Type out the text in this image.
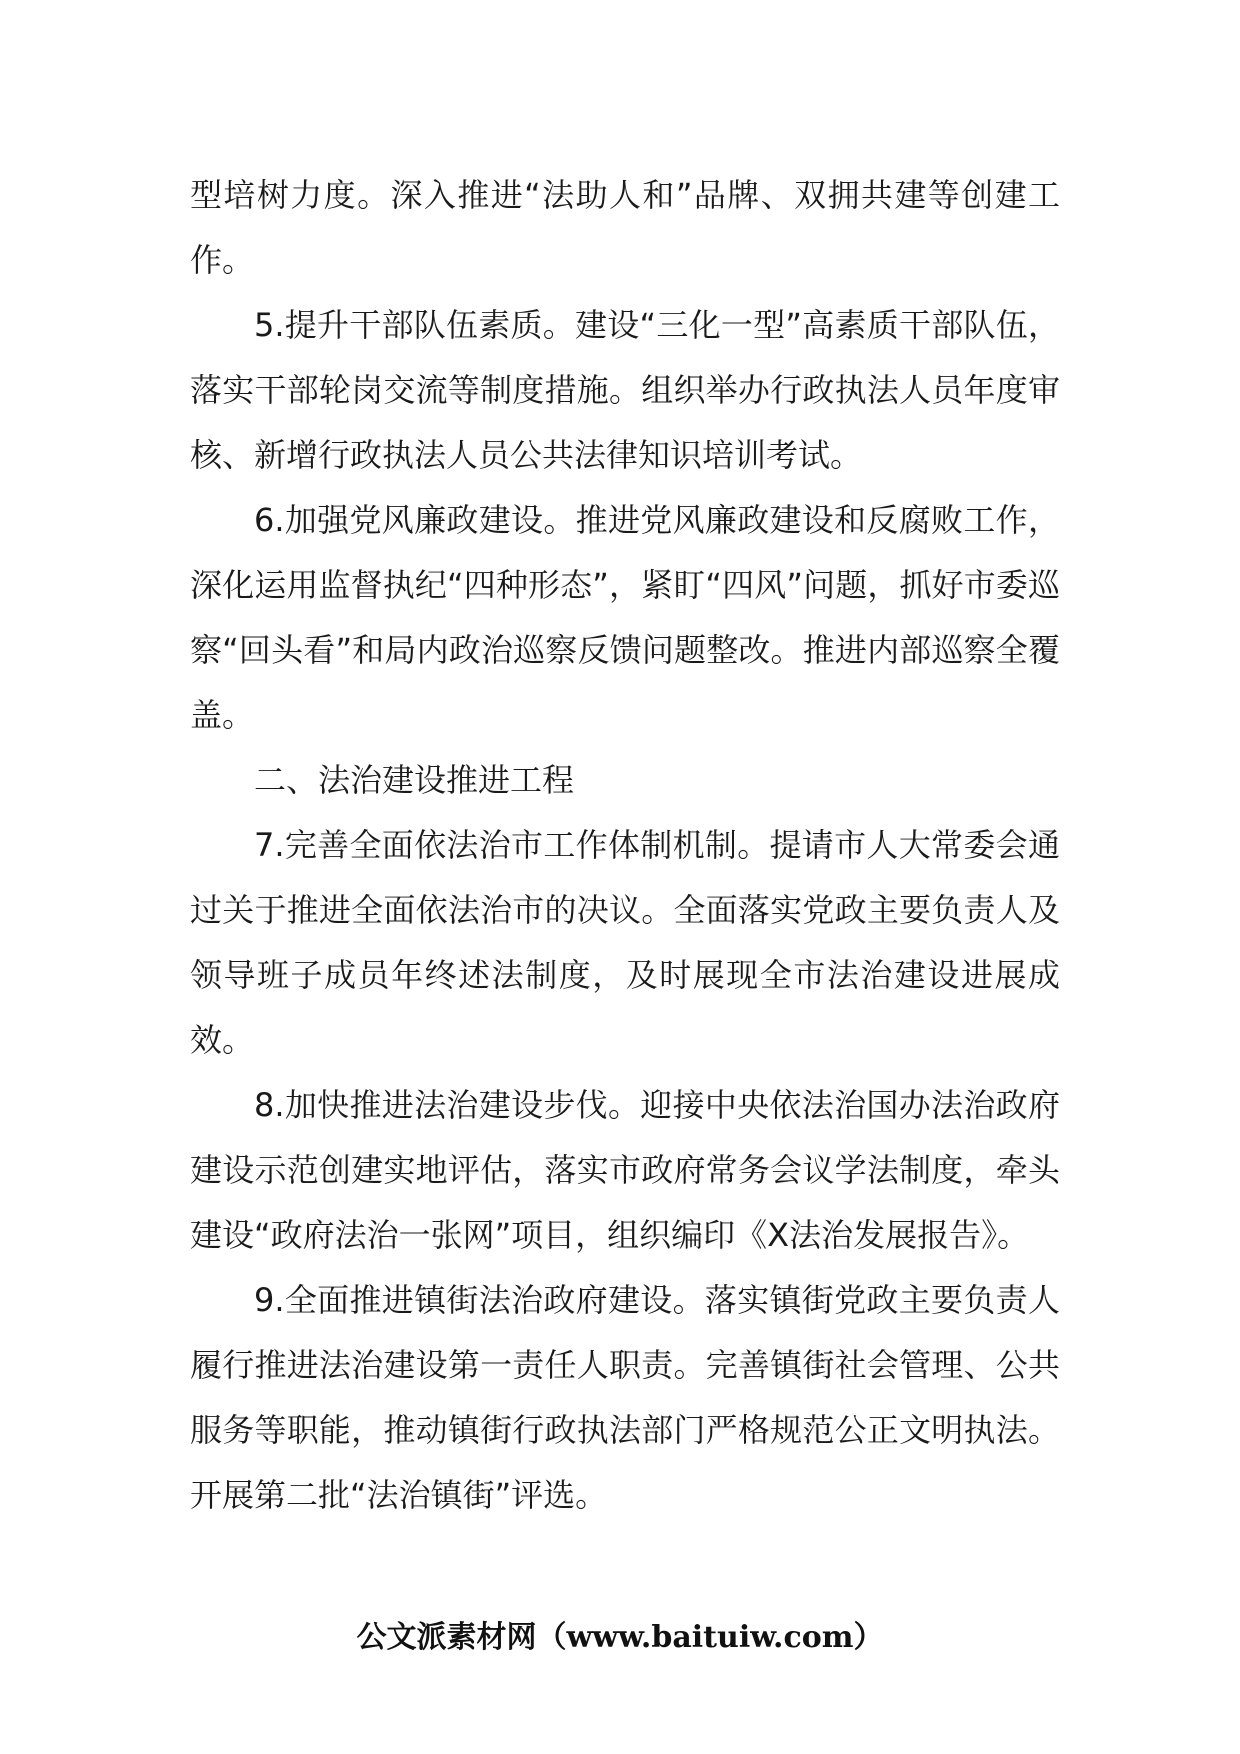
型培树力度。深入推进“法助人和”品牌、双拥共建等创建工作。

5.提升干部队伍素质。建设“三化一型”高素质干部队伍，落实干部轮岗交流等制度措施。组织举办行政执法人员年度审核、新增行政执法人员公共法律知识培训考试。

6.加强党风廉政建设。推进党风廉政建设和反腐败工作，深化运用监督执纪“四种形态”，紧盯“四风”问题，抓好市委巡察“回头看”和局内政治巡察反馈问题整改。推进内部巡察全覆盖。

二、法治建设推进工程

7.完善全面依法治市工作体制机制。提请市人大常委会通过关于推进全面依法治市的决议。全面落实党政主要负责人及领导班子成员年终述法制度，及时展现全市法治建设进展成效。

8.加快推进法治建设步伐。迎接中央依法治国办法治政府建设示范创建实地评估，落实市政府常务会议学法制度，牵头建设“政府法治一张网”项目，组织编印《X法治发展报告》。

9.全面推进镇街法治政府建设。落实镇街党政主要负责人履行推进法治建设第一责任人职责。完善镇街社会管理、公共服务等职能，推动镇街行政执法部门严格规范公正文明执法。开展第二批“法治镇街”评选。

公文派素材网（www.baituiw.com）
